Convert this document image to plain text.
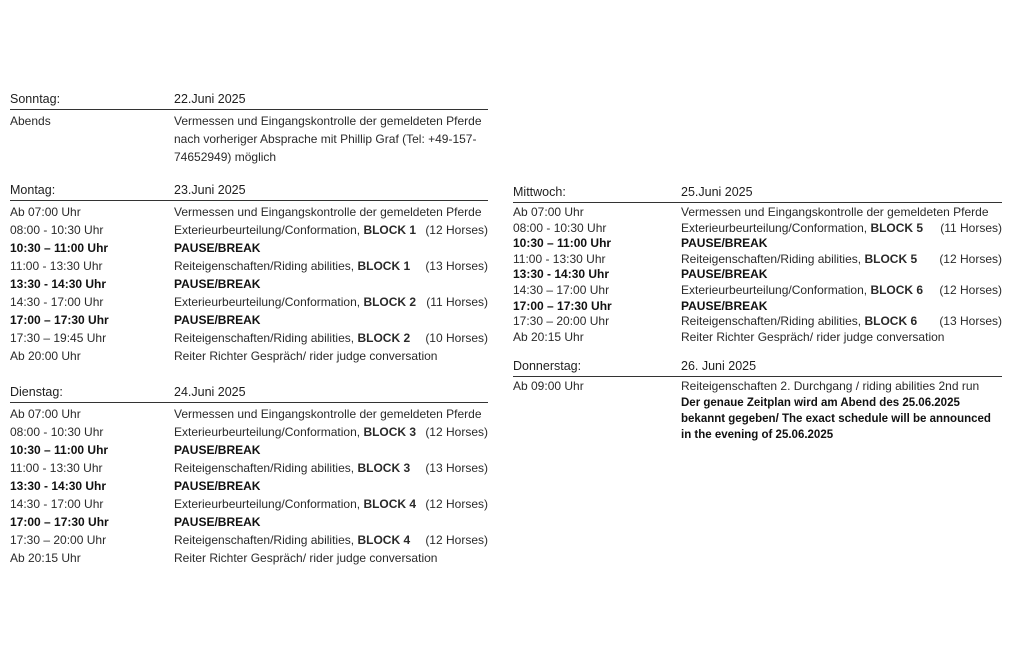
Sonntag:	22.Juni 2025
Abends	Vermessen und Eingangskontrolle der gemeldeten Pferde nach vorheriger Absprache mit Phillip Graf (Tel: +49-157-74652949) möglich
Montag:	23.Juni 2025
Ab 07:00 Uhr	Vermessen und Eingangskontrolle der gemeldeten Pferde
08:00 - 10:30 Uhr	Exterieurbeurteilung/Conformation, BLOCK 1 (12 Horses)
10:30 – 11:00 Uhr	PAUSE/BREAK
11:00 - 13:30 Uhr	Reiteigenschaften/Riding abilities, BLOCK 1 (13 Horses)
13:30 - 14:30 Uhr	PAUSE/BREAK
14:30 - 17:00 Uhr	Exterieurbeurteilung/Conformation, BLOCK 2 (11 Horses)
17:00 – 17:30 Uhr	PAUSE/BREAK
17:30 – 19:45 Uhr	Reiteigenschaften/Riding abilities, BLOCK 2 (10 Horses)
Ab 20:00 Uhr	Reiter Richter Gespräch/ rider judge conversation
Dienstag:	24.Juni 2025
Ab 07:00 Uhr	Vermessen und Eingangskontrolle der gemeldeten Pferde
08:00 - 10:30 Uhr	Exterieurbeurteilung/Conformation, BLOCK 3 (12 Horses)
10:30 – 11:00 Uhr	PAUSE/BREAK
11:00 - 13:30 Uhr	Reiteigenschaften/Riding abilities, BLOCK 3 (13 Horses)
13:30 - 14:30 Uhr	PAUSE/BREAK
14:30 - 17:00 Uhr	Exterieurbeurteilung/Conformation, BLOCK 4 (12 Horses)
17:00 – 17:30 Uhr	PAUSE/BREAK
17:30 – 20:00 Uhr	Reiteigenschaften/Riding abilities, BLOCK 4 (12 Horses)
Ab 20:15 Uhr	Reiter Richter Gespräch/ rider judge conversation
Mittwoch:	25.Juni 2025
Ab 07:00 Uhr	Vermessen und Eingangskontrolle der gemeldeten Pferde
08:00 - 10:30 Uhr	Exterieurbeurteilung/Conformation, BLOCK 5 (11 Horses)
10:30 – 11:00 Uhr	PAUSE/BREAK
11:00 - 13:30 Uhr	Reiteigenschaften/Riding abilities, BLOCK 5 (12 Horses)
13:30 - 14:30 Uhr	PAUSE/BREAK
14:30 – 17:00 Uhr	Exterieurbeurteilung/Conformation, BLOCK 6 (12 Horses)
17:00 – 17:30 Uhr	PAUSE/BREAK
17:30 – 20:00 Uhr	Reiteigenschaften/Riding abilities, BLOCK 6 (13 Horses)
Ab 20:15 Uhr	Reiter Richter Gespräch/ rider judge conversation
Donnerstag:	26. Juni 2025
Ab 09:00 Uhr	Reiteigenschaften 2. Durchgang / riding abilities 2nd run
Der genaue Zeitplan wird am Abend des 25.06.2025 bekannt gegeben/ The exact schedule will be announced in the evening of 25.06.2025
